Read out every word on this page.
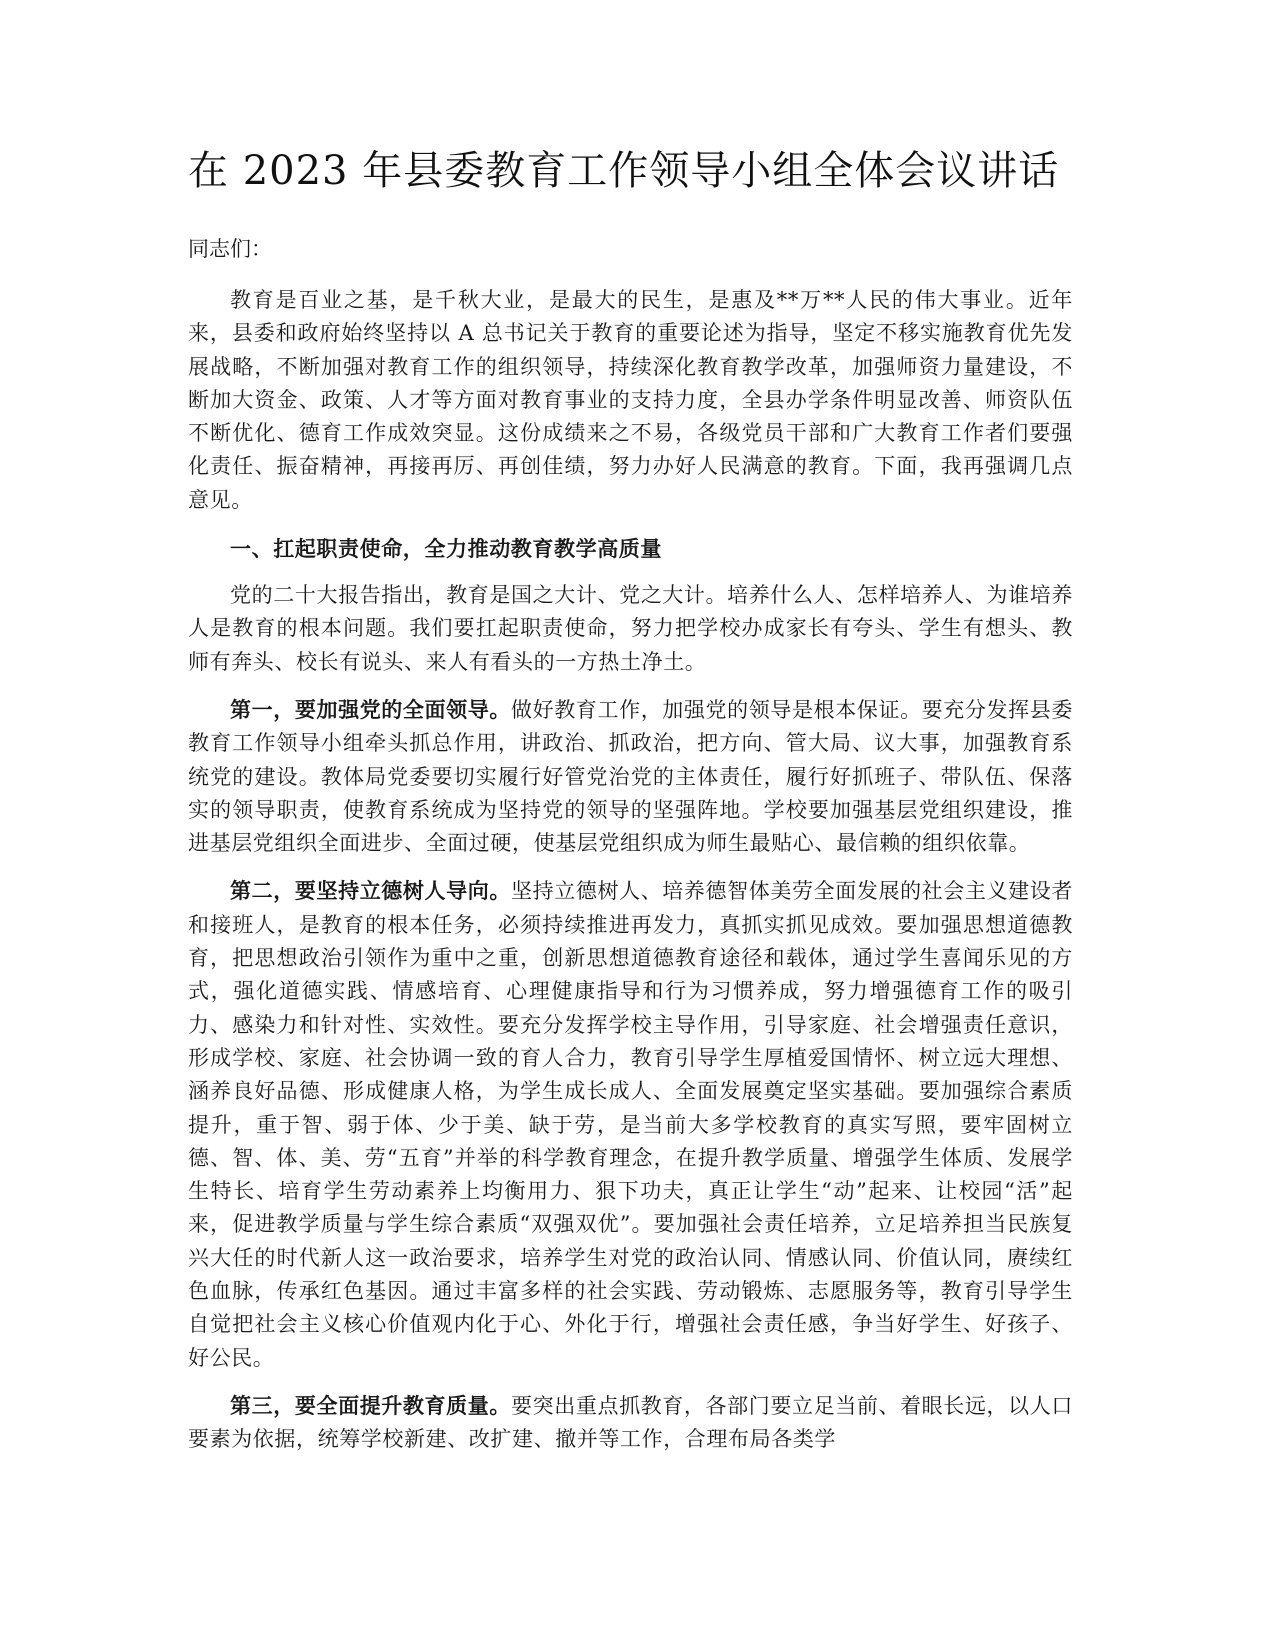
在 2023 年县委教育工作领导小组全体会议讲话

同志们：

教育是百业之基，是千秋大业，是最大的民生，是惠及**万**人民的伟大事业。近年来，县委和政府始终坚持以 A 总书记关于教育的重要论述为指导，坚定不移实施教育优先发展战略，不断加强对教育工作的组织领导，持续深化教育教学改革，加强师资力量建设，不断加大资金、政策、人才等方面对教育事业的支持力度，全县办学条件明显改善、师资队伍不断优化、德育工作成效突显。这份成绩来之不易，各级党员干部和广大教育工作者们要强化责任、振奋精神，再接再厉、再创佳绩，努力办好人民满意的教育。下面，我再强调几点意见。

一、扛起职责使命，全力推动教育教学高质量

党的二十大报告指出，教育是国之大计、党之大计。培养什么人、怎样培养人、为谁培养人是教育的根本问题。我们要扛起职责使命，努力把学校办成家长有夸头、学生有想头、教师有奔头、校长有说头、来人有看头的一方热土净土。

第一，要加强党的全面领导。做好教育工作，加强党的领导是根本保证。要充分发挥县委教育工作领导小组牵头抓总作用，讲政治、抓政治，把方向、管大局、议大事，加强教育系统党的建设。教体局党委要切实履行好管党治党的主体责任，履行好抓班子、带队伍、保落实的领导职责，使教育系统成为坚持党的领导的坚强阵地。学校要加强基层党组织建设，推进基层党组织全面进步、全面过硬，使基层党组织成为师生最贴心、最信赖的组织依靠。

第二，要坚持立德树人导向。坚持立德树人、培养德智体美劳全面发展的社会主义建设者和接班人，是教育的根本任务，必须持续推进再发力，真抓实抓见成效。要加强思想道德教育，把思想政治引领作为重中之重，创新思想道德教育途径和载体，通过学生喜闻乐见的方式，强化道德实践、情感培育、心理健康指导和行为习惯养成，努力增强德育工作的吸引力、感染力和针对性、实效性。要充分发挥学校主导作用，引导家庭、社会增强责任意识，形成学校、家庭、社会协调一致的育人合力，教育引导学生厚植爱国情怀、树立远大理想、涵养良好品德、形成健康人格，为学生成长成人、全面发展奠定坚实基础。要加强综合素质提升，重于智、弱于体、少于美、缺于劳，是当前大多学校教育的真实写照，要牢固树立德、智、体、美、劳“五育”并举的科学教育理念，在提升教学质量、增强学生体质、发展学生特长、培育学生劳动素养上均衡用力、狠下功夫，真正让学生“动”起来、让校园“活”起来，促进教学质量与学生综合素质“双强双优”。要加强社会责任培养，立足培养担当民族复兴大任的时代新人这一政治要求，培养学生对党的政治认同、情感认同、价值认同，赓续红色血脉，传承红色基因。通过丰富多样的社会实践、劳动锻炼、志愿服务等，教育引导学生自觉把社会主义核心价值观内化于心、外化于行，增强社会责任感，争当好学生、好孩子、好公民。

第三，要全面提升教育质量。要突出重点抓教育，各部门要立足当前、着眼长远，以人口要素为依据，统筹学校新建、改扩建、撤并等工作，合理布局各类学
